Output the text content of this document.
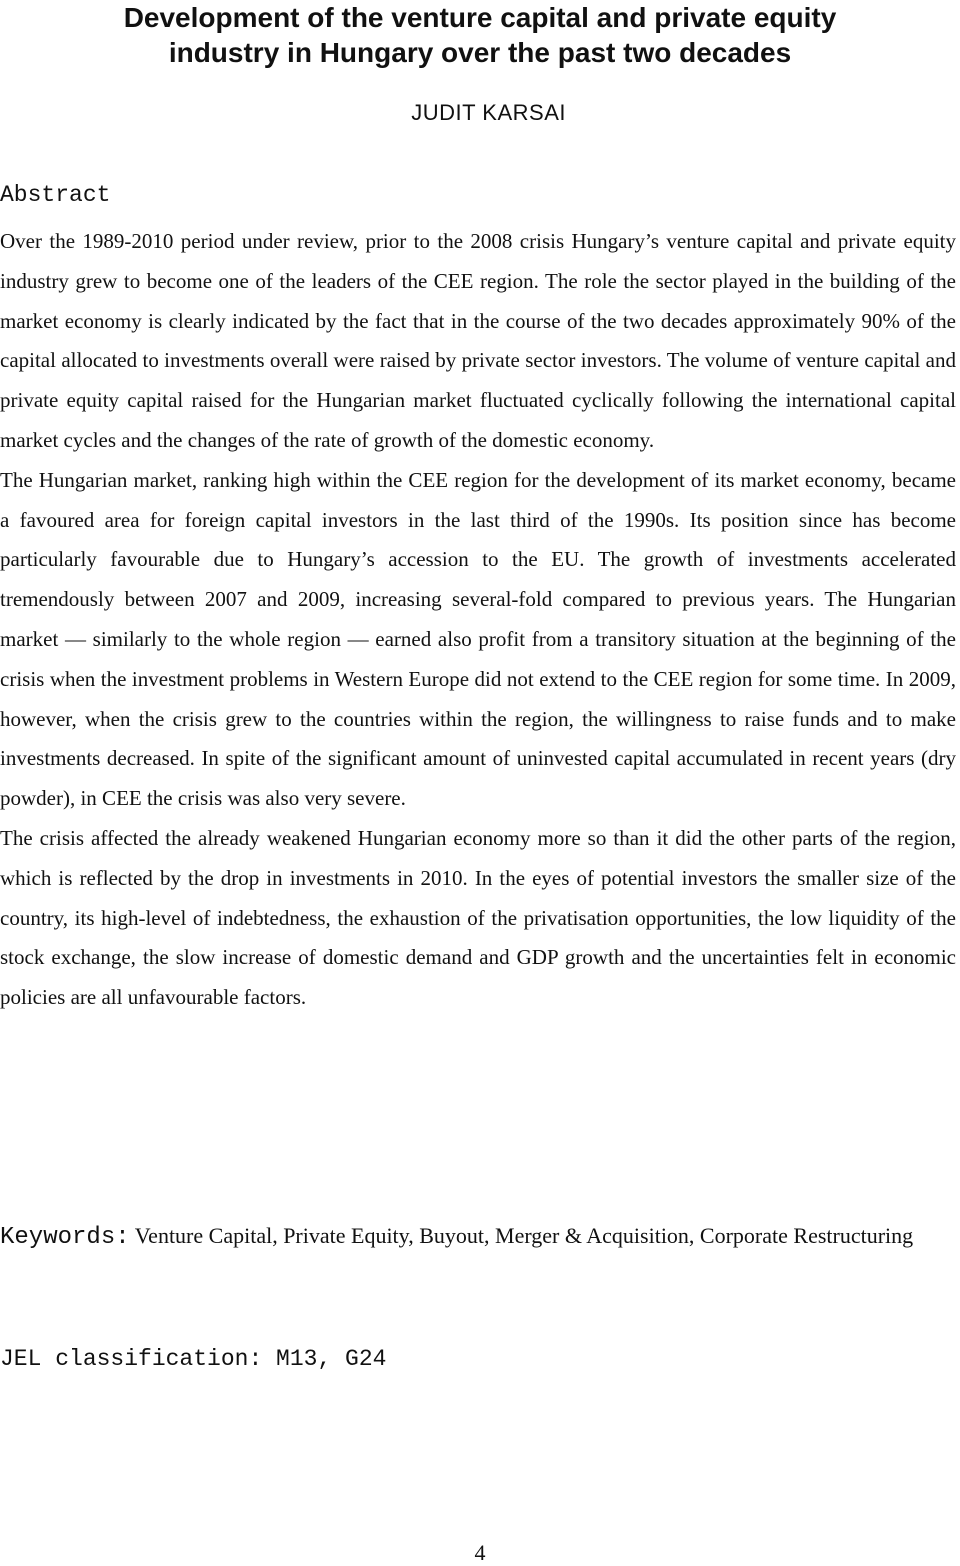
Development of the venture capital and private equity
industry in Hungary over the past two decades
JUDIT KARSAI
Abstract

Over the 1989-2010 period under review, prior to the 2008 crisis Hungary’s venture capital and private equity industry grew to become one of the leaders of the CEE region. The role the sector played in the building of the market economy is clearly indicated by the fact that in the course of the two decades approximately 90% of the capital allocated to investments overall were raised by private sector investors. The volume of venture capital and private equity capital raised for the Hungarian market fluctuated cyclically following the international capital market cycles and the changes of the rate of growth of the domestic economy.

The Hungarian market, ranking high within the CEE region for the development of its market economy, became a favoured area for foreign capital investors in the last third of the 1990s. Its position since has become particularly favourable due to Hungary’s accession to the EU. The growth of investments accelerated tremendously between 2007 and 2009, increasing several-fold compared to previous years. The Hungarian market — similarly to the whole region — earned also profit from a transitory situation at the beginning of the crisis when the investment problems in Western Europe did not extend to the CEE region for some time. In 2009, however, when the crisis grew to the countries within the region, the willingness to raise funds and to make investments decreased. In spite of the significant amount of uninvested capital accumulated in recent years (dry powder), in CEE the crisis was also very severe.

The crisis affected the already weakened Hungarian economy more so than it did the other parts of the region, which is reflected by the drop in investments in 2010. In the eyes of potential investors the smaller size of the country, its high-level of indebtedness, the exhaustion of the privatisation opportunities, the low liquidity of the stock exchange, the slow increase of domestic demand and GDP growth and the uncertainties felt in economic policies are all unfavourable factors.

Keywords: Venture Capital, Private Equity, Buyout, Merger & Acquisition, Corporate Restructuring
JEL classification: M13, G24
4
